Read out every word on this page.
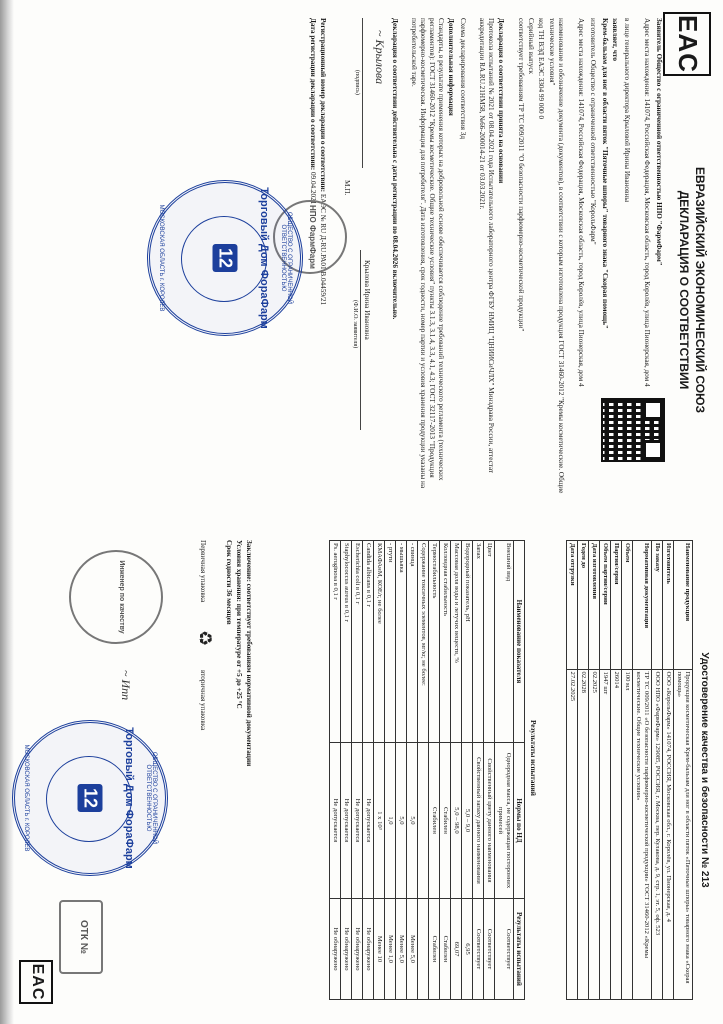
EAC
ЕВРАЗИЙСКИЙ ЭКОНОМИЧЕСКИЙ СОЮЗ
ДЕКЛАРАЦИЯ О СООТВЕТСТВИИ
Заявитель Общество с ограниченной ответственностью НПО "ФармФарм"
Адрес места нахождения: 141074, Российская Федерация, Московская область, город Королёв, улица Пионерская, дом 4
в лице генерального директора Крыловой Ирины Ивановны
заявляет, что
Крем-бальзам для ног в области пяток "Пяточные шпоры" товарного знака "Скорая помощь"
изготовитель Общество с ограниченной ответственностью "КорольФарм"
Адрес места нахождения: 141074, Российская Федерация, Московская область, город Королёв, улица Пионерская, дом 4
наименование и обозначение документа (документов), в соответствии с которым изготовлена продукция ГОСТ 31460-2012 "Кремы косметические. Общие технические условия"
код ТН ВЭД ЕАЭС 3304 99 000 0
Серийный выпуск
соответствует требованиям ТР ТС 009/2011 "О безопасности парфюмерно-косметической продукции"
Декларация о соответствии принята на основании
Протокола испытаний № 2021 от 08.04.2021 года Испытательного лабораторного центра ФГБУ НМИЦ "ЦНИИСиЧЛХ" Минздрава России, аттестат аккредитации RA.RU.21НМ58, №66-200014-21 от 03.03.2021г.
Схема декларирования соответствия 3д
Дополнительная информация
Стандарты, в результате применения которых на добровольной основе обеспечивается соблюдение требований технического регламента (технических регламентов): ГОСТ 31460-2012 "Кремы косметические. Общие технические условия" пункты 3.1.3, 3.1.4, 3.3, 4.1, 4.3; ГОСТ 32117-2013 "Продукция парфюмерно-косметическая. Информация для потребителя". Дата изготовления, срок годности, номер партии и условия хранения продукции указаны на потребительской таре.
Декларация о соответствии действительна с даты регистрации по 08.04.2026 включительно.
~ Крылова
(подпись)
Крылова Ирина Ивановна
(Ф.И.О. заявителя)
М.П.
Регистрационный номер декларации о соответствии: ЕАЭС № RU Д-RU.РА01.В.04459/21
Дата регистрации декларации о соответствии: 09.04.2021
НПО ФармФарм
ОБЩЕСТВО С ОГРАНИЧЕННОЙ ОТВЕТСТВЕННОСТЬЮ
Торговый Дом ФораФарм
12
МОСКОВСКАЯ ОБЛАСТЬ г. КОРОЛЕВ
Удостоверение качества и безопасности № 213
Наименование продукции	Продукция косметическая Крем-бальзам для ног в области пяток «Пяточные шпоры» товарного знака «Скорая помощь»
Изготовитель	ООО «КорольФарм» 141074, РОССИЯ, Московская обл., г. Королёв, ул. Пионерская, д. 4
По заказу	ООО НПО «ФармФарм» 129085, РОССИЯ, г. Москва, пер. Кулакова, д. 9, стр. 1, эт. 5, оф. 523
Нормативная документация	ТР ТС 009/2011 «О безопасности парфюмерно-косметической продукции» ГОСТ 31460-2012 «Кремы косметические. Общие технические условия»
Объем	100 мл
Партия/серия	26014
Объем партии/серии	1947 шт
Дата изготовления	02.2025
Годен до	02.2028
Дата отгрузки	27.02.2025
Результаты испытаний
Наименование показателя	Нормы по НД	Результаты испытаний
Внешний вид	Однородная масса, не содержащая посторонних примесей	Соответствует
Цвет	Свойственный цвету данного наименования	Соответствует
Запах	Свойственный запаху данного наименования	Соответствует
Водородный показатель, pH	5,0 – 9,0	6,95
Массовая доля воды и летучих веществ, %	5,0 – 98,0	69,07
Коллоидная стабильность	Стабилен	Стабилен
Термостабильность	Стабилен	Стабилен
Содержание токсичных элементов, мг/кг, не более:		
- свинца	5,0	Менее 5,0
- мышьяка	5,0	Менее 5,0
- ртути	1,0	Менее 1,0
КМАФАнМ, КОЕ/г, не более	1 х 10³	Менее 10
Candida albicans в 0,1 г	Не допускается	Не обнаружено
Escherichia coli в 0,1 г	Не допускается	Не обнаружено
Staphylococcus aureus в 0,1 г	Не допускается	Не обнаружено
Ps. aeruginosa в 0,1 г	Не допускается	Не обнаружено
Заключение: соответствует требованиям нормативной документации
Условия хранения: при температуре от +5 до +25 °С
Срок годности 36 месяцев
Первичная упаковка
вторичная упаковка
♻
Инженер по качеству
~ Ипп
ОБЩЕСТВО С ОГРАНИЧЕННОЙ ОТВЕТСТВЕННОСТЬЮ
Торговый Дом ФораФарм
12
МОСКОВСКАЯ ОБЛАСТЬ г. КОРОЛЕВ
ОТК №
EAC
